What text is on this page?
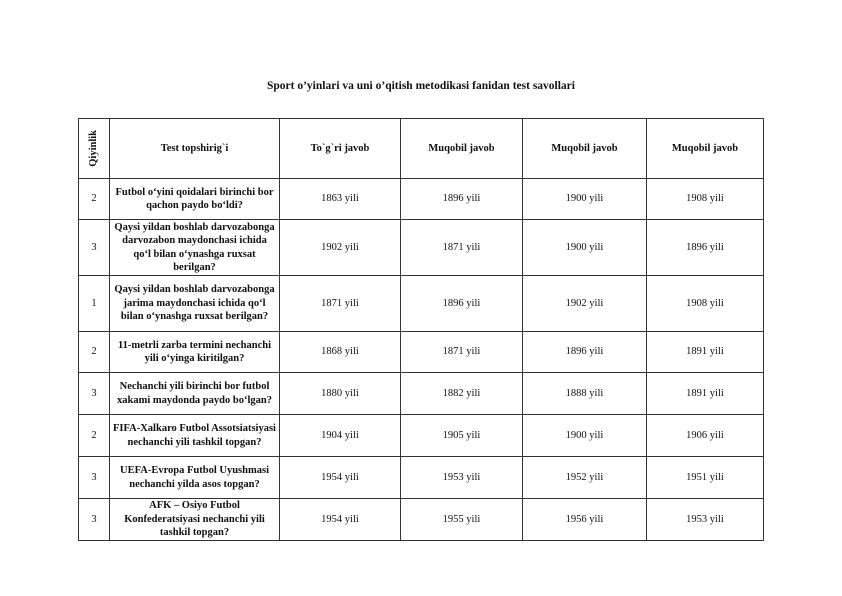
Sport o’yinlari va uni o’qitish metodikasi fanidan test savollari
Qiyinlik	Test topshirig`i	To`g`ri javob	Muqobil javob	Muqobil javob	Muqobil javob
2	Futbol o‘yini qoidalari birinchi bor qachon paydo bo‘ldi?	1863 yili	1896 yili	1900 yili	1908 yili
3	Qaysi yildan boshlab darvozabonga darvozabon maydonchasi ichida qo‘l bilan o‘ynashga ruxsat berilgan?	1902 yili	1871 yili	1900 yili	1896 yili
1	Qaysi yildan boshlab darvozabonga jarima maydonchasi ichida qo‘l bilan o‘ynashga ruxsat berilgan?	1871 yili	1896 yili	1902 yili	1908 yili
2	11-metrli zarba termini nechanchi yili o‘yinga kiritilgan?	1868 yili	1871 yili	1896 yili	1891 yili
3	Nechanchi yili birinchi bor futbol xakami maydonda paydo bo‘lgan?	1880 yili	1882 yili	1888 yili	1891 yili
2	FIFA-Xalkaro Futbol Assotsiatsiyasi nechanchi yili tashkil topgan?	1904 yili	1905 yili	1900 yili	1906 yili
3	UEFA-Evropa Futbol Uyushmasi nechanchi yilda asos topgan?	1954 yili	1953 yili	1952 yili	1951 yili
3	AFK – Osiyo Futbol Konfederatsiyasi nechanchi yili tashkil topgan?	1954 yili	1955 yili	1956 yili	1953 yili
